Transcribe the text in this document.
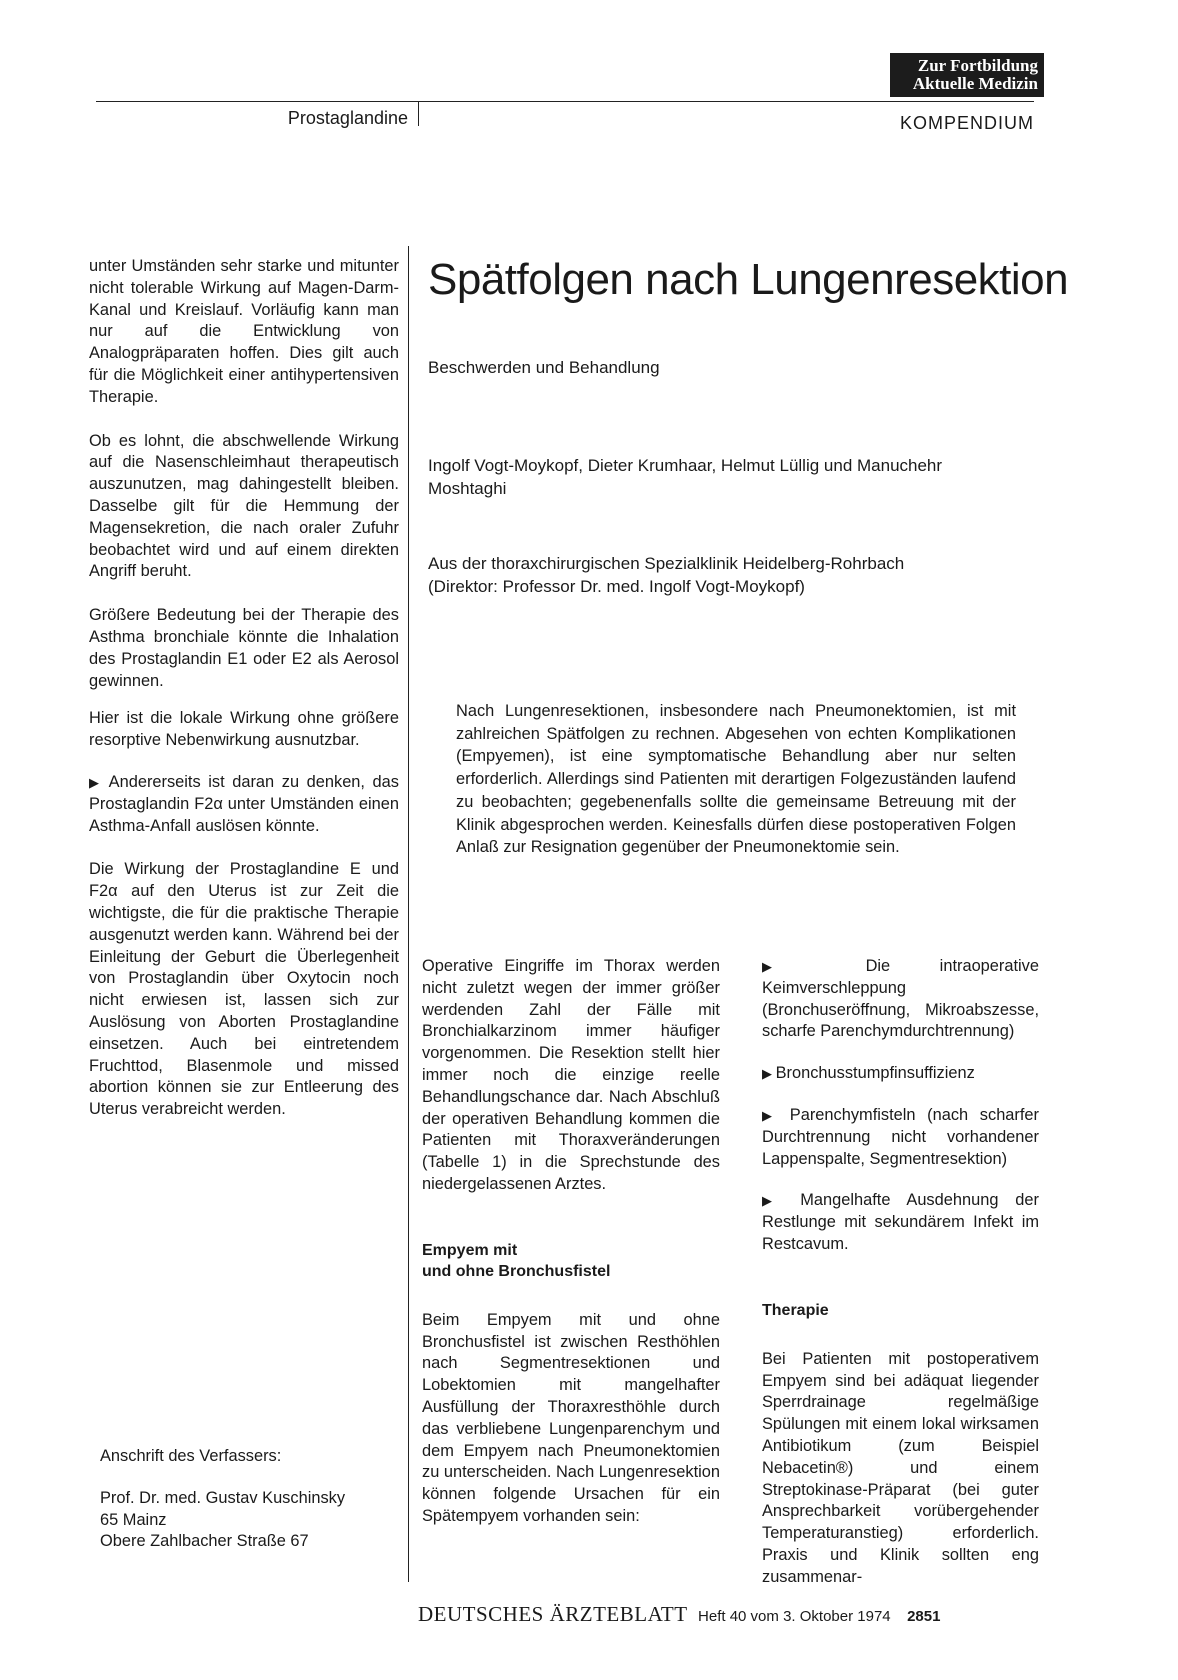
Zur Fortbildung
Aktuelle Medizin
Prostaglandine	KOMPENDIUM

unter Umständen sehr starke und mitunter nicht tolerable Wirkung auf Magen-Darm-Kanal und Kreislauf. Vorläufig kann man nur auf die Entwicklung von Analogpräparaten hoffen. Dies gilt auch für die Möglichkeit einer antihypertensiven Therapie.

Ob es lohnt, die abschwellende Wirkung auf die Nasenschleimhaut therapeutisch auszunutzen, mag dahingestellt bleiben. Dasselbe gilt für die Hemmung der Magensekretion, die nach oraler Zufuhr beobachtet wird und auf einem direkten Angriff beruht.

Größere Bedeutung bei der Therapie des Asthma bronchiale könnte die Inhalation des Prostaglandin E1 oder E2 als Aerosol gewinnen.

Hier ist die lokale Wirkung ohne größere resorptive Nebenwirkung ausnutzbar.

▶ Andererseits ist daran zu denken, das Prostaglandin F2α unter Umständen einen Asthma-Anfall auslösen könnte.

Die Wirkung der Prostaglandine E und F2α auf den Uterus ist zur Zeit die wichtigste, die für die praktische Therapie ausgenutzt werden kann. Während bei der Einleitung der Geburt die Überlegenheit von Prostaglandin über Oxytocin noch nicht erwiesen ist, lassen sich zur Auslösung von Aborten Prostaglandine einsetzen. Auch bei eintretendem Fruchttod, Blasenmole und missed abortion können sie zur Entleerung des Uterus verabreicht werden.

Anschrift des Verfassers:
Prof. Dr. med. Gustav Kuschinsky
65 Mainz
Obere Zahlbacher Straße 67
Spätfolgen nach Lungenresektion
Beschwerden und Behandlung
Ingolf Vogt-Moykopf, Dieter Krumhaar, Helmut Lüllig und Manuchehr Moshtaghi
Aus der thoraxchirurgischen Spezialklinik Heidelberg-Rohrbach
(Direktor: Professor Dr. med. Ingolf Vogt-Moykopf)
Nach Lungenresektionen, insbesondere nach Pneumonektomien, ist mit zahlreichen Spätfolgen zu rechnen. Abgesehen von echten Komplikationen (Empyemen), ist eine symptomatische Behandlung aber nur selten erforderlich. Allerdings sind Patienten mit derartigen Folgezuständen laufend zu beobachten; gegebenenfalls sollte die gemeinsame Betreuung mit der Klinik abgesprochen werden. Keinesfalls dürfen diese postoperativen Folgen Anlaß zur Resignation gegenüber der Pneumonektomie sein.

Operative Eingriffe im Thorax werden nicht zuletzt wegen der immer größer werdenden Zahl der Fälle mit Bronchialkarzinom immer häufiger vorgenommen. Die Resektion stellt hier immer noch die einzige reelle Behandlungschance dar. Nach Abschluß der operativen Behandlung kommen die Patienten mit Thoraxveränderungen (Tabelle 1) in die Sprechstunde des niedergelassenen Arztes.

Empyem mit
und ohne Bronchusfistel

Beim Empyem mit und ohne Bronchusfistel ist zwischen Resthöhlen nach Segmentresektionen und Lobektomien mit mangelhafter Ausfüllung der Thoraxresthöhle durch das verbliebene Lungenparenchym und dem Empyem nach Pneumonektomien zu unterscheiden. Nach Lungenresektion können folgende Ursachen für ein Spätempyem vorhanden sein:

▶ Die intraoperative Keimverschleppung (Bronchuseröffnung, Mikroabszesse, scharfe Parenchymdurchtrennung)

▶ Bronchusstumpfinsuffizienz

▶ Parenchymfisteln (nach scharfer Durchtrennung nicht vorhandener Lappenspalte, Segmentresektion)

▶ Mangelhafte Ausdehnung der Restlunge mit sekundärem Infekt im Restcavum.

Therapie

Bei Patienten mit postoperativem Empyem sind bei adäquat liegender Sperrdrainage regelmäßige Spülungen mit einem lokal wirksamen Antibiotikum (zum Beispiel Nebacetin®) und einem Streptokinase-Präparat (bei guter Ansprechbarkeit vorübergehender Temperaturanstieg) erforderlich. Praxis und Klinik sollten eng zusammenar-

DEUTSCHES ÄRZTEBLATT Heft 40 vom 3. Oktober 1974 2851
